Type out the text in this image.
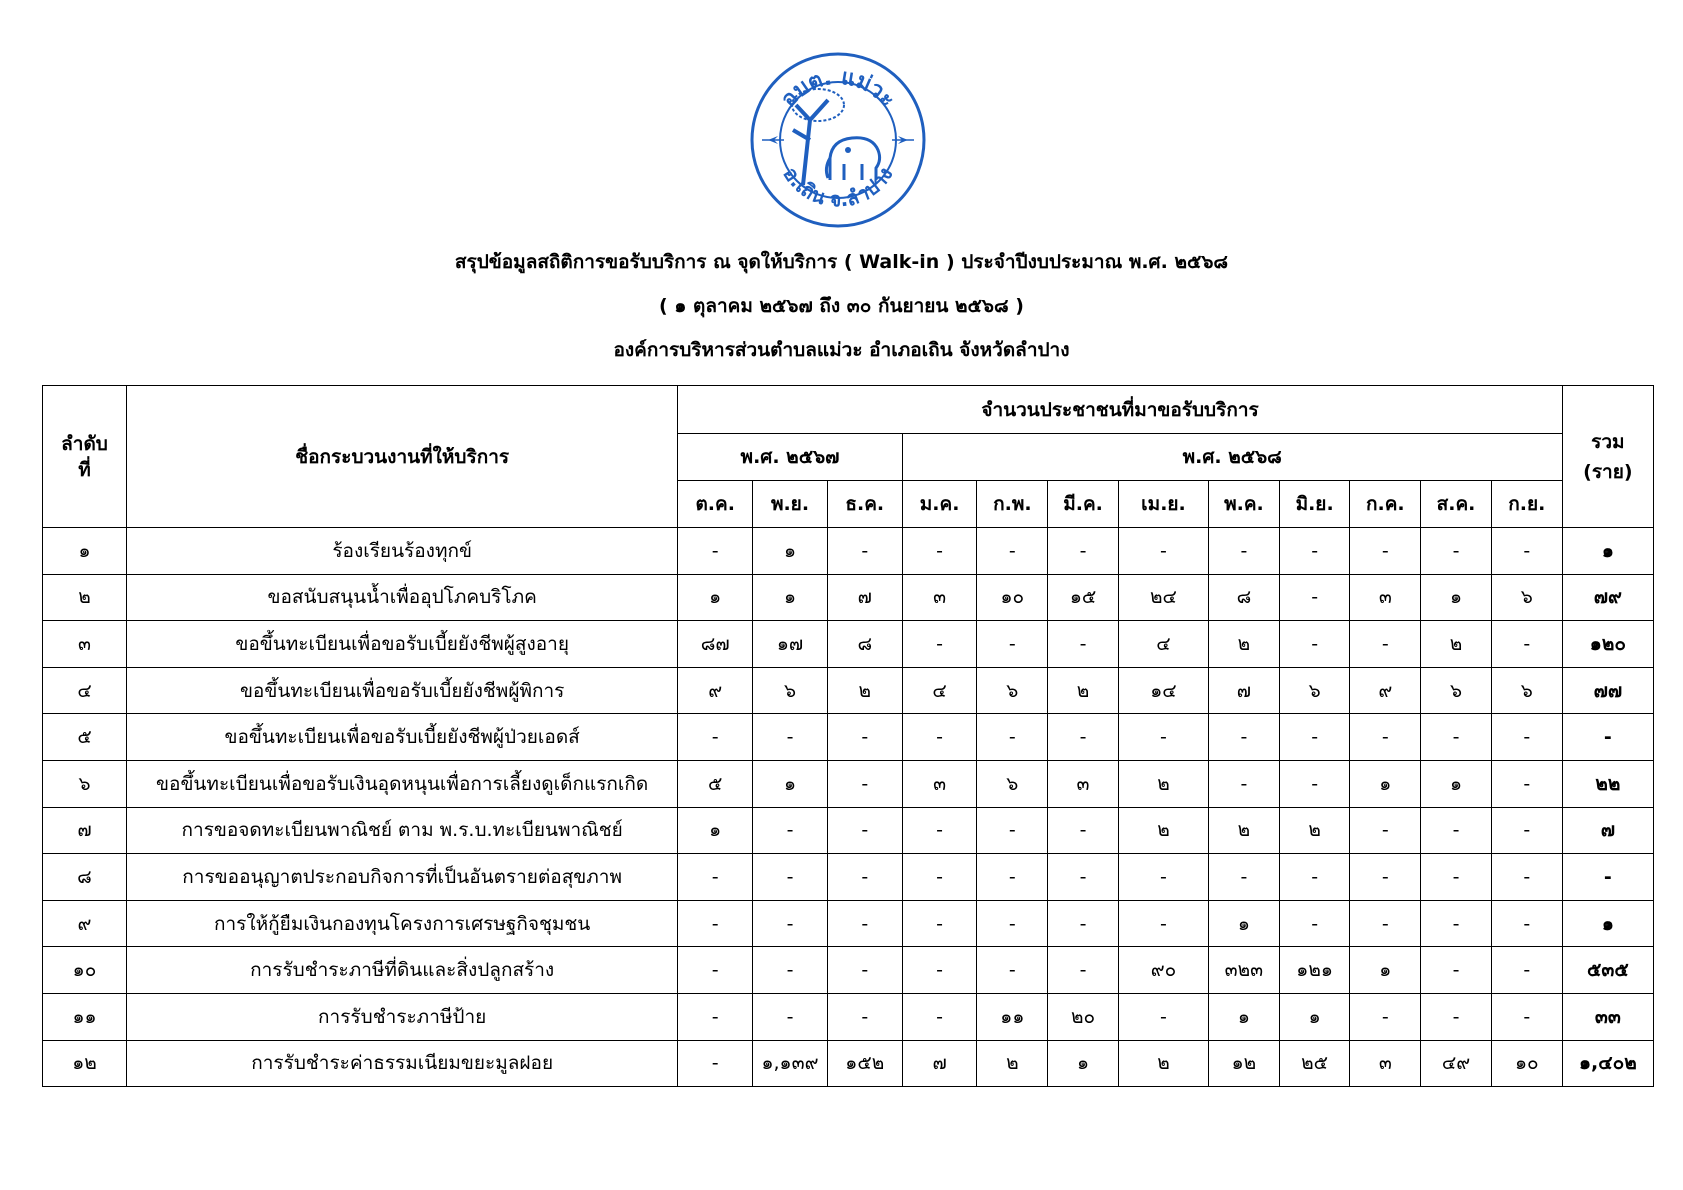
อบต. แม่วะ
อ.เถิน จ.ลำปาง
สรุปข้อมูลสถิติการขอรับบริการ ณ จุดให้บริการ ( Walk-in ) ประจำปีงบประมาณ พ.ศ. ๒๕๖๘
( ๑ ตุลาคม ๒๕๖๗ ถึง ๓๐ กันยายน ๒๕๖๘ )
องค์การบริหารส่วนตำบลแม่วะ อำเภอเถิน จังหวัดลำปาง
ลำดับ
ที่	ชื่อกระบวนงานที่ให้บริการ	จำนวนประชาชนที่มาขอรับบริการ												รวม
(ราย)
		พ.ศ. ๒๕๖๗			พ.ศ. ๒๕๖๘									
		ต.ค.	พ.ย.	ธ.ค.	ม.ค.	ก.พ.	มี.ค.	เม.ย.	พ.ค.	มิ.ย.	ก.ค.	ส.ค.	ก.ย.	
๑	ร้องเรียนร้องทุกข์	-	๑	-	-	-	-	-	-	-	-	-	-	๑
๒	ขอสนับสนุนน้ำเพื่ออุปโภคบริโภค	๑	๑	๗	๓	๑๐	๑๕	๒๔	๘	-	๓	๑	๖	๗๙
๓	ขอขึ้นทะเบียนเพื่อขอรับเบี้ยยังชีพผู้สูงอายุ	๘๗	๑๗	๘	-	-	-	๔	๒	-	-	๒	-	๑๒๐
๔	ขอขึ้นทะเบียนเพื่อขอรับเบี้ยยังชีพผู้พิการ	๙	๖	๒	๔	๖	๒	๑๔	๗	๖	๙	๖	๖	๗๗
๕	ขอขึ้นทะเบียนเพื่อขอรับเบี้ยยังชีพผู้ป่วยเอดส์	-	-	-	-	-	-	-	-	-	-	-	-	-
๖	ขอขึ้นทะเบียนเพื่อขอรับเงินอุดหนุนเพื่อการเลี้ยงดูเด็กแรกเกิด	๕	๑	-	๓	๖	๓	๒	-	-	๑	๑	-	๒๒
๗	การขอจดทะเบียนพาณิชย์ ตาม พ.ร.บ.ทะเบียนพาณิชย์	๑	-	-	-	-	-	๒	๒	๒	-	-	-	๗
๘	การขออนุญาตประกอบกิจการที่เป็นอันตรายต่อสุขภาพ	-	-	-	-	-	-	-	-	-	-	-	-	-
๙	การให้กู้ยืมเงินกองทุนโครงการเศรษฐกิจชุมชน	-	-	-	-	-	-	-	๑	-	-	-	-	๑
๑๐	การรับชำระภาษีที่ดินและสิ่งปลูกสร้าง	-	-	-	-	-	-	๙๐	๓๒๓	๑๒๑	๑	-	-	๕๓๕
๑๑	การรับชำระภาษีป้าย	-	-	-	-	๑๑	๒๐	-	๑	๑	-	-	-	๓๓
๑๒	การรับชำระค่าธรรมเนียมขยะมูลฝอย	-	๑,๑๓๙	๑๕๒	๗	๒	๑	๒	๑๒	๒๕	๓	๔๙	๑๐	๑,๔๐๒
